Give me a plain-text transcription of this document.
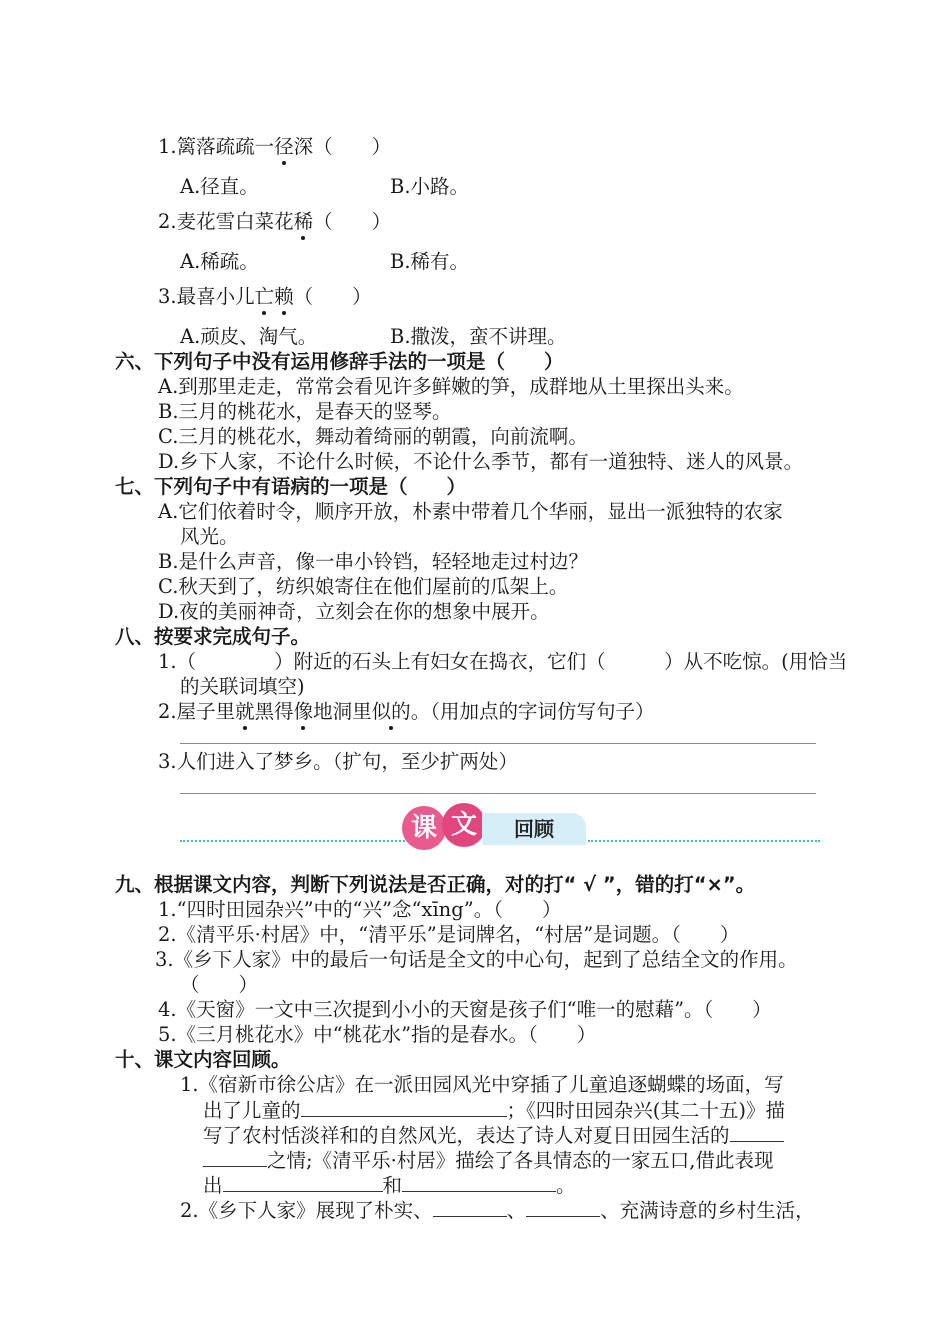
1.篱落疏疏一径深（　　）
A.径直。	B.小路。
2.麦花雪白菜花稀（　　）
A.稀疏。	B.稀有。
3.最喜小儿亡赖（　　）
A.顽皮、淘气。	B.撒泼，蛮不讲理。
六、下列句子中没有运用修辞手法的一项是（　　）
A.到那里走走，常常会看见许多鲜嫩的笋，成群地从土里探出头来。
B.三月的桃花水，是春天的竖琴。
C.三月的桃花水，舞动着绮丽的朝霞，向前流啊。
D.乡下人家，不论什么时候，不论什么季节，都有一道独特、迷人的风景。
七、下列句子中有语病的一项是（　　）
A.它们依着时令，顺序开放，朴素中带着几个华丽，显出一派独特的农家
风光。
B.是什么声音，像一串小铃铛，轻轻地走过村边？
C.秋天到了，纺织娘寄住在他们屋前的瓜架上。
D.夜的美丽神奇，立刻会在你的想象中展开。
八、按要求完成句子。
1.（　　　　）附近的石头上有妇女在捣衣，它们（　　　）从不吃惊。(用恰当
的关联词填空)
2.屋子里就黑得像地洞里似的。（用加点的字词仿写句子）
3.人们进入了梦乡。（扩句，至少扩两处）
课 文	回顾
九、根据课文内容，判断下列说法是否正确，对的打“ √ ”，错的打“×”。
1.“四时田园杂兴”中的“兴”念“xīng”。（　　）
2.《清平乐·村居》中，“清平乐”是词牌名，“村居”是词题。（　　）
3.《乡下人家》中的最后一句话是全文的中心句，起到了总结全文的作用。
（　　）
4.《天窗》一文中三次提到小小的天窗是孩子们“唯一的慰藉”。（　　）
5.《三月桃花水》中“桃花水”指的是春水。（　　）
十、课文内容回顾。
1.《宿新市徐公店》在一派田园风光中穿插了儿童追逐蝴蝶的场面，写
出了儿童的	；《四时田园杂兴(其二十五)》描
写了农村恬淡祥和的自然风光，表达了诗人对夏日田园生活的
之情;《清平乐·村居》描绘了各具情态的一家五口,借此表现
出	和	。
2.《乡下人家》展现了朴实、	、	、充满诗意的乡村生活，
